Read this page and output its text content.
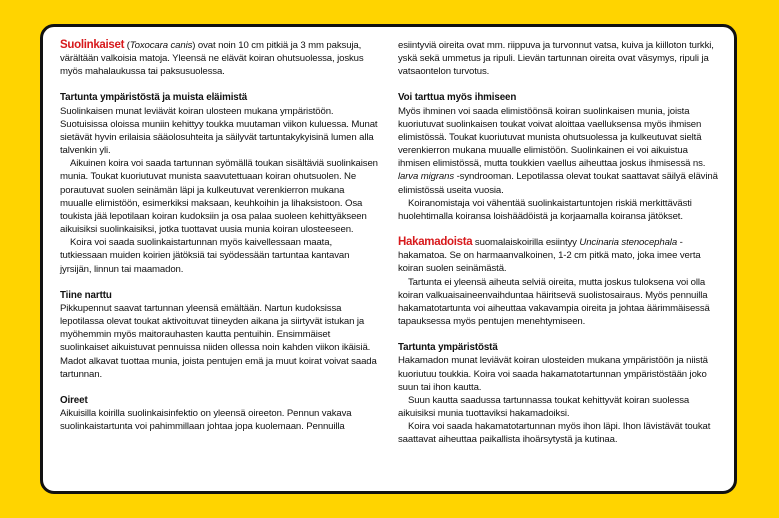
Suolinkaiset (Toxocara canis) ovat noin 10 cm pitkiä ja 3 mm paksuja, värältään valkoisia matoja. Yleensä ne elävät koiran ohutsuolessa, joskus myös mahalaukussa tai paksusuolessa.

Tartunta ympäristöstä ja muista eläimistä

Suolinkaisen munat leviävät koiran ulosteen mukana ympäristöön. Suotuisissa oloissa muniin kehittyy toukka muutaman viikon kuluessa. Munat sietävät hyvin erilaisia sääolosuhteita ja säilyvät tartuntakykyisinä lumen alla talvenkin yli.

Aikuinen koira voi saada tartunnan syömällä toukan sisältäviä suolinkaisen munia. Toukat kuoriutuvat munista saavutettuaan koiran ohutsuolen. Ne porautuvat suolen seinämän läpi ja kulkeutuvat verenkierron mukana muualle elimistöön, esimerkiksi maksaan, keuhkoihin ja lihaksistoon. Osa toukista jää lepotilaan koiran kudoksiin ja osa palaa suoleen kehittyäkseen aikuisiksi suolinkaisiksi, jotka tuottavat uusia munia koiran ulosteeseen.

Koira voi saada suolinkaistartunnan myös kaivellessaan maata, tutkiessaan muiden koirien jätöksiä tai syödessään tartuntaa kantavan jyrsijän, linnun tai maamadon.

Tiine narttu

Pikkupennut saavat tartunnan yleensä emältään. Nartun kudoksissa lepotilassa olevat toukat aktivoituvat tiineyden aikana ja siirtyvät istukan ja myöhemmin myös maitorauhasten kautta pentuihin. Ensimmäiset suolinkaiset aikuistuvat pennuissa niiden ollessa noin kahden viikon ikäisiä. Madot alkavat tuottaa munia, joista pentujen emä ja muut koirat voivat saada tartunnan.

Oireet

Aikuisilla koirilla suolinkaisinfektio on yleensä oireeton. Pennun vakava suolinkaistartunta voi pahimmillaan johtaa jopa kuolemaan. Pennuilla

esiintyviä oireita ovat mm. riippuva ja turvonnut vatsa, kuiva ja kiilloton turkki, yskä sekä ummetus ja ripuli. Lievän tartunnan oireita ovat väsymys, ripuli ja vatsaontelon turvotus.

Voi tarttua myös ihmiseen

Myös ihminen voi saada elimistöönsä koiran suolinkaisen munia, joista kuoriutuvat suolinkaisen toukat voivat aloittaa vaelluksensa myös ihmisen elimistössä. Toukat kuoriutuvat munista ohutsuolessa ja kulkeutuvat sieltä verenkierron mukana muualle elimistöön. Suolinkainen ei voi aikuistua ihmisen elimistössä, mutta toukkien vaellus aiheuttaa joskus ihmisessä ns. larva migrans -syndrooman. Lepotilassa olevat toukat saattavat säilyä elävinä elimistössä useita vuosia.

Koiranomistaja voi vähentää suolinkaistartuntojen riskiä merkittävästi huolehtimalla koiransa loishäädöistä ja korjaamalla koiransa jätökset.

Hakamadoista suomalaiskoirilla esiintyy Uncinaria stenocephala -hakamatoa. Se on harmaanvalkoinen, 1-2 cm pitkä mato, joka imee verta koiran suolen seinämästä.

Tartunta ei yleensä aiheuta selviä oireita, mutta joskus tuloksena voi olla koiran valkuaisaineenvaihduntaa häiritsevä suolistosairaus. Myös pennuilla hakamatotartunta voi aiheuttaa vakavampia oireita ja johtaa äärimmäisessä tapauksessa myös pentujen menehtymiseen.

Tartunta ympäristöstä

Hakamadon munat leviävät koiran ulosteiden mukana ympäristöön ja niistä kuoriutuu toukkia. Koira voi saada hakamatotartunnan ympäristöstään joko suun tai ihon kautta.

Suun kautta saadussa tartunnassa toukat kehittyvät koiran suolessa aikuisiksi munia tuottaviksi hakamadoiksi.

Koira voi saada hakamatotartunnan myös ihon läpi. Ihon lävistävät toukat saattavat aiheuttaa paikallista ihoärsytystä ja kutinaa.
